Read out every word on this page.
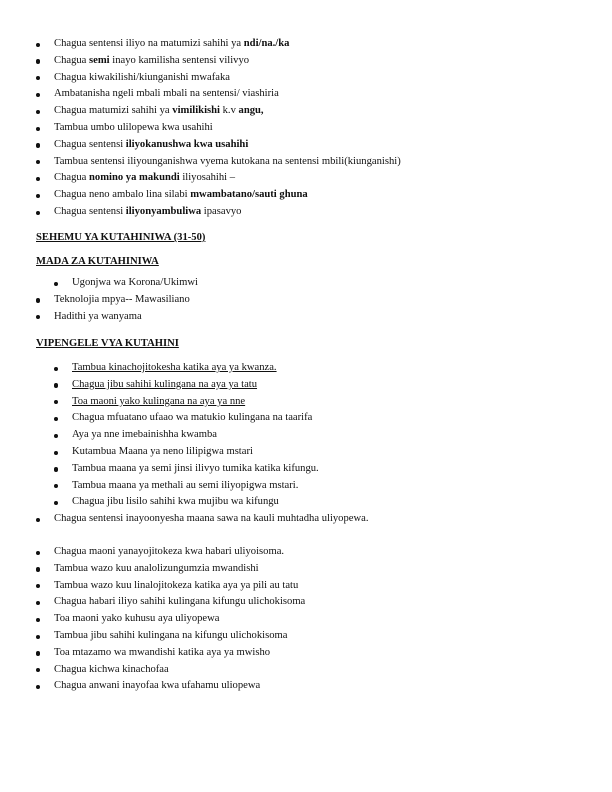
Chagua sentensi iliyo na matumizi sahihi ya ndi/na./ka
Chagua semi inayo kamilisha sentensi vilivyo
Chagua kiwakilishi/kiunganishi mwafaka
Ambatanisha ngeli mbali mbali na sentensi/ viashiria
Chagua matumizi sahihi ya vimilikishi k.v angu,
Tambua umbo ulilopewa kwa usahihi
Chagua sentensi iliyokanushwa kwa usahihi
Tambua sentensi iliyounganishwa vyema kutokana na sentensi mbili(kiunganishi)
Chagua nomino ya makundi iliyosahihi –
Chagua neno ambalo lina silabi mwambatano/sauti ghuna
Chagua sentensi iliyonyambuliwa ipasavyo

SEHEMU YA KUTAHINIWA (31-50)

MADA ZA KUTAHINIWA

Ugonjwa wa Korona/Ukimwi
Teknolojia mpya-- Mawasiliano
Hadithi ya wanyama

VIPENGELE VYA KUTAHINI

Tambua kinachojitokesha katika aya ya kwanza.
Chagua jibu sahihi kulingana na aya ya tatu
Toa maoni yako kulingana na aya ya nne
Chagua mfuatano ufaao wa matukio kulingana na taarifa
Aya ya nne imebainishha kwamba
Kutambua Maana ya neno lilipigwa mstari
Tambua maana ya semi jinsi ilivyo tumika katika kifungu.
Tambua maana ya methali au semi iliyopigwa mstari.
Chagua jibu lisilo sahihi kwa mujibu wa kifungu
Chagua sentensi inayoonyesha maana sawa na kauli muhtadha uliyopewa.
Chagua maoni yanayojitokeza kwa habari uliyoisoma.
Tambua wazo kuu analolizungumzia mwandishi
Tambua wazo kuu linalojitokeza katika aya ya pili au tatu
Chagua habari iliyo sahihi kulingana kifungu ulichokisoma
Toa maoni yako kuhusu aya uliyopewa
Tambua jibu sahihi kulingana na kifungu ulichokisoma
Toa mtazamo wa mwandishi katika aya ya mwisho
Chagua kichwa kinachofaa
Chagua anwani inayofaa kwa ufahamu uliopewa
